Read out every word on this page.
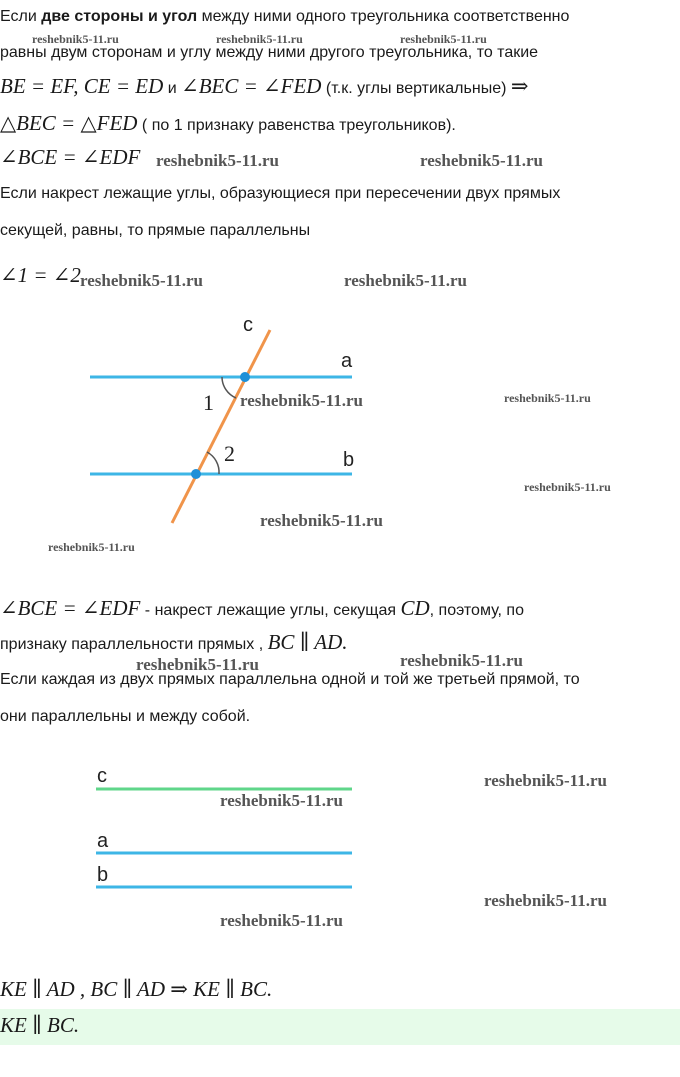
Если две стороны и угол между ними одного треугольника соответственно
равны двум сторонам и углу между ними другого треугольника, то такие
BE = EF, CE = ED и ∠BEC = ∠FED (т.к. углы вертикальные) ⇒
△BEC = △FED ( по 1 признаку равенства треугольников).
∠BCE = ∠EDF
Если накрест лежащие углы, образующиеся при пересечении двух прямых
секущей, равны, то прямые параллельны
∠1 = ∠2
c
a
b
1
2
∠BCE = ∠EDF - накрест лежащие углы, секущая CD, поэтому, по
признаку параллельности прямых , BC ∥ AD.
Если каждая из двух прямых параллельна одной и той же третьей прямой, то
они параллельны и между собой.
c
a
b
KE ∥ AD , BC ∥ AD ⇒ KE ∥ BC.
KE ∥ BC.
reshebnik5-11.ru	reshebnik5-11.ru	reshebnik5-11.ru
reshebnik5-11.ru	reshebnik5-11.ru
reshebnik5-11.ru	reshebnik5-11.ru
reshebnik5-11.ru	reshebnik5-11.ru
reshebnik5-11.ru
reshebnik5-11.ru
reshebnik5-11.ru
reshebnik5-11.ru	reshebnik5-11.ru
reshebnik5-11.ru
reshebnik5-11.ru
reshebnik5-11.ru
reshebnik5-11.ru
